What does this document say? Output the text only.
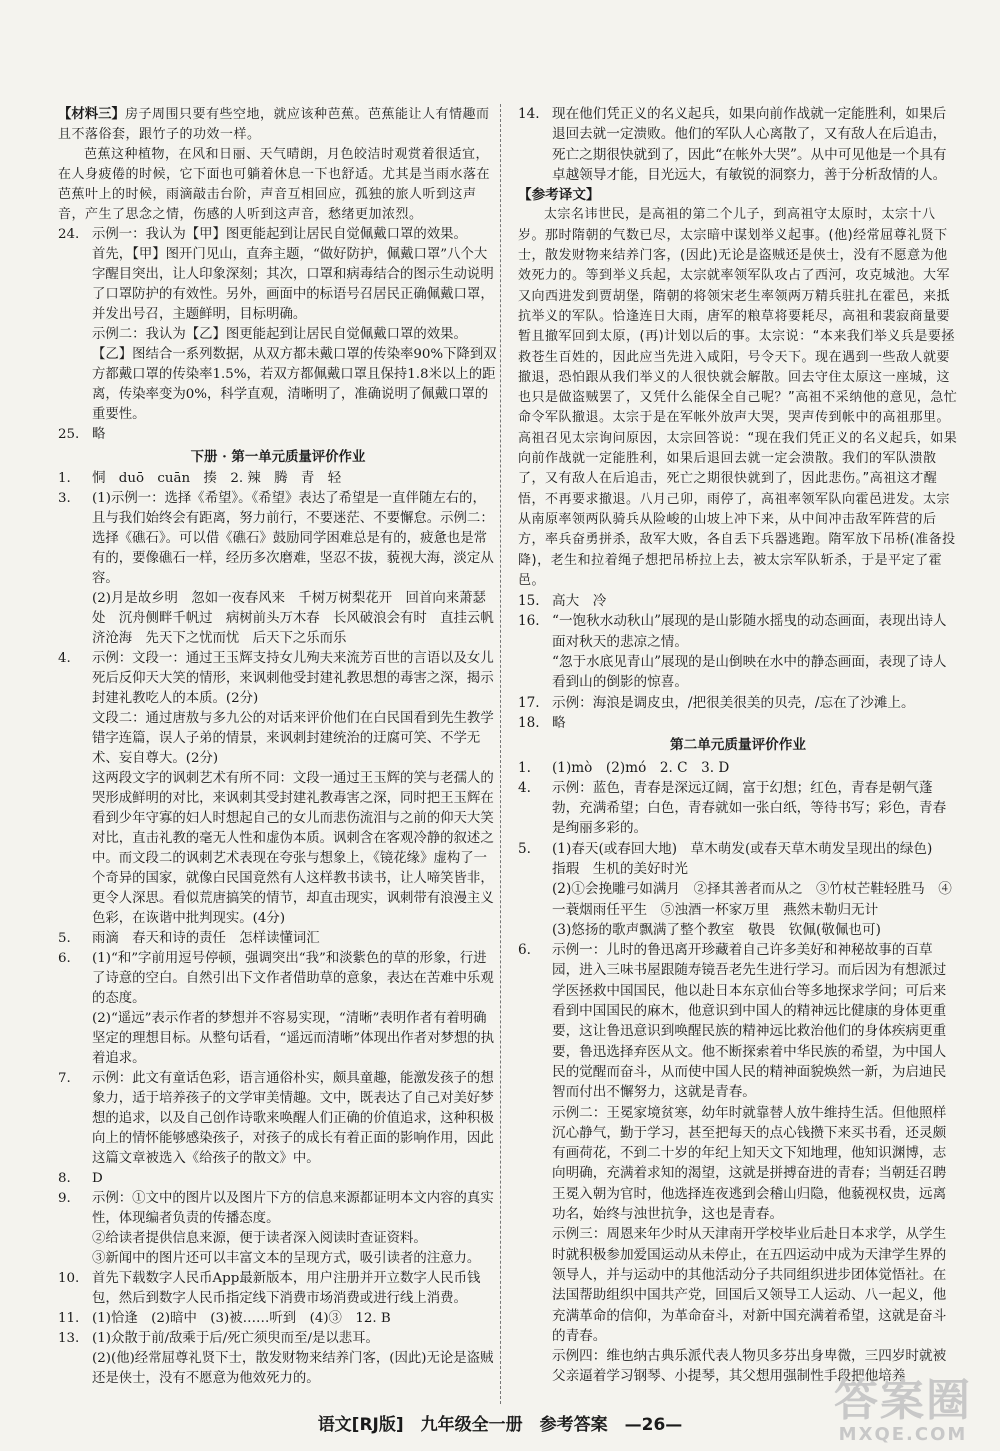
【材料三】房子周围只要有些空地，就应该种芭蕉。芭蕉能让人有情趣而且不落俗套，跟竹子的功效一样。

芭蕉这种植物，在风和日丽、天气晴朗，月色皎洁时观赏着很适宜，在人身疲倦的时候，它下面也可躺着休息一下也舒适。尤其是当雨水落在芭蕉叶上的时候，雨滴敲击台阶，声音互相回应，孤独的旅人听到这声音，产生了思念之情，伤感的人听到这声音，愁绪更加浓烈。

24. 示例一：我认为【甲】图更能起到让居民自觉佩戴口罩的效果。

首先，【甲】图开门见山，直奔主题，“做好防护，佩戴口罩”八个大字醒目突出，让人印象深刻；其次，口罩和病毒结合的图示生动说明了口罩防护的有效性。另外，画面中的标语号召居民正确佩戴口罩，并发出号召，主题鲜明，目标明确。

示例二：我认为【乙】图更能起到让居民自觉佩戴口罩的效果。

【乙】图结合一系列数据，从双方都未戴口罩的传染率90%下降到双方都戴口罩的传染率1.5%，若双方都佩戴口罩且保持1.8米以上的距离，传染率变为0%，科学直观，清晰明了，准确说明了佩戴口罩的重要性。

25. 略

下册 · 第一单元质量评价作业
1.	恫　duō　cuān　揍　2. 辣　腾　青　轻

3.	(1)示例一：选择《希望》。《希望》表达了希望是一直伴随左右的，且与我们始终会有距离，努力前行，不要迷茫、不要懈怠。示例二：选择《礁石》。可以借《礁石》鼓励同学困难总是有的，疲惫也是常有的，要像礁石一样，经历多次磨难，坚忍不拔，藐视大海，淡定从容。

(2)月是故乡明　忽如一夜春风来　千树万树梨花开　回首向来萧瑟处　沉舟侧畔千帆过　病树前头万木春　长风破浪会有时　直挂云帆济沧海　先天下之忧而忧　后天下之乐而乐

4.	示例：文段一：通过王玉辉支持女儿殉夫来流芳百世的言语以及女儿死后反仰天大笑的情形，来讽刺他受封建礼教思想的毒害之深，揭示封建礼教吃人的本质。(2分)

文段二：通过唐敖与多九公的对话来评价他们在白民国看到先生教学错字连篇，误人子弟的情景，来讽刺封建统治的迂腐可笑、不学无术、妄自尊大。(2分)

这两段文字的讽刺艺术有所不同：文段一通过王玉辉的笑与老孺人的哭形成鲜明的对比，来讽刺其受封建礼教毒害之深，同时把王玉辉在看到少年守寡的妇人时想起自己的女儿而悲伤流泪与之前的仰天大笑对比，直击礼教的毫无人性和虚伪本质。讽刺含在客观冷静的叙述之中。而文段二的讽刺艺术表现在夸张与想象上，《镜花缘》虚构了一个奇异的国家，就像白民国竟然有人这样教书读书，让人啼笑皆非，更令人深思。看似荒唐搞笑的情节，却直击现实，讽刺带有浪漫主义色彩，在诙谐中批判现实。(4分)

5.	雨滴　春天和诗的责任　怎样读懂词汇

6.	(1)“和”字前用逗号停顿，强调突出“我”和淡紫色的草的形象，行进了诗意的空白。自然引出下文作者借助草的意象，表达在苦难中乐观的态度。

(2)“遥远”表示作者的梦想并不容易实现，“清晰”表明作者有着明确坚定的理想目标。从整句话看，“遥远而清晰”体现出作者对梦想的执着追求。

7.	示例：此文有童话色彩，语言通俗朴实，颇具童趣，能激发孩子的想象力，适于培养孩子的文学审美情趣。文中，既表达了自己对美好梦想的追求，以及自己创作诗歌来唤醒人们正确的价值追求，这种积极向上的情怀能够感染孩子，对孩子的成长有着正面的影响作用，因此这篇文章被选入《给孩子的散文》中。

8.	D

9.	示例：①文中的图片以及图片下方的信息来源都证明本文内容的真实性，体现编者负责的传播态度。

②给读者提供信息来源，便于读者深入阅读时查证资料。

③新闻中的图片还可以丰富文本的呈现方式，吸引读者的注意力。

10. 首先下载数字人民币App最新版本，用户注册并开立数字人民币钱包，然后到数字人民币指定线下消费市场消费或进行线上消费。

11. (1)恰逢　(2)暗中　(3)被……听到　(4)③　12. B

13. (1)众散于前/敌乘于后/死亡须臾而至/是以悲耳。

(2)(他)经常屈尊礼贤下士，散发财物来结养门客，(因此)无论是盗贼还是侠士，没有不愿意为他效死力的。

14. 现在他们凭正义的名义起兵，如果向前作战就一定能胜利，如果后退回去就一定溃败。他们的军队人心离散了，又有敌人在后追击，死亡之期很快就到了，因此“在帐外大哭”。从中可见他是一个具有卓越领导才能，目光远大，有敏锐的洞察力，善于分析敌情的人。

【参考译文】

太宗名讳世民，是高祖的第二个儿子，到高祖守太原时，太宗十八岁。那时隋朝的气数已尽，太宗暗中谋划举义起事。(他)经常屈尊礼贤下士，散发财物来结养门客，(因此)无论是盗贼还是侠士，没有不愿意为他效死力的。等到举义兵起，太宗就率领军队攻占了西河，攻克城池。大军又向西进发到贾胡堡，隋朝的将领宋老生率领两万精兵驻扎在霍邑，来抵抗举义的军队。恰逢连日大雨，唐军的粮草将要耗尽，高祖和裴寂商量要暂且撤军回到太原，(再)计划以后的事。太宗说：“本来我们举义兵是要拯救苍生百姓的，因此应当先进入咸阳，号令天下。现在遇到一些敌人就要撤退，恐怕跟从我们举义的人很快就会解散。回去守住太原这一座城，这也只是做盗贼罢了，又凭什么能保全自己呢？”高祖不采纳他的意见，急忙命令军队撤退。太宗于是在军帐外放声大哭，哭声传到帐中的高祖那里。高祖召见太宗询问原因，太宗回答说：“现在我们凭正义的名义起兵，如果向前作战就一定能胜利，如果后退回去就一定会溃散。我们的军队溃散了，又有敌人在后追击，死亡之期很快就到了，因此悲伤。”高祖这才醒悟，不再要求撤退。八月己卯，雨停了，高祖率领军队向霍邑进发。太宗从南原率领两队骑兵从险峻的山坡上冲下来，从中间冲击敌军阵营的后方，率兵奋勇拼杀，敌军大败，各自丢下兵器逃跑。隋军放下吊桥(准备投降)，老生和拉着绳子想把吊桥拉上去，被太宗军队斩杀，于是平定了霍邑。

15. 高大　冷

16. “一饱秋水动秋山”展现的是山影随水摇曳的动态画面，表现出诗人面对秋天的悲凉之情。

“忽于水底见青山”展现的是山倒映在水中的静态画面，表现了诗人看到山的倒影的惊喜。

17. 示例：海浪是调皮虫，/把很美很美的贝壳，/忘在了沙滩上。

18. 略

第二单元质量评价作业
1.	(1)mò　(2)mó　2. C　3. D

4.	示例：蓝色，青春是深远辽阔，富于幻想；红色，青春是朝气蓬勃，充满希望；白色，青春就如一张白纸，等待书写；彩色，青春是绚丽多彩的。

5.	(1)春天(或春回大地)　草木萌发(或春天草木萌发呈现出的绿色)　指瑕　生机的美好时光

(2)①会挽雕弓如满月　②择其善者而从之　③竹杖芒鞋轻胜马　④一蓑烟雨任平生　⑤浊酒一杯家万里　燕然未勒归无计

(3)悠扬的歌声飘满了整个教室　敬畏　钦佩(敬佩也可)

6.	示例一：儿时的鲁迅离开珍藏着自己许多美好和神秘故事的百草园，进入三味书屋跟随寿镜吾老先生进行学习。而后因为有想派过学医拯救中国国民，他以赴日本东京仙台等多地探求学问；可后来看到中国国民的麻木，他意识到中国人的精神远比健康的身体更重要，这让鲁迅意识到唤醒民族的精神远比救治他们的身体疾病更重要，鲁迅选择弃医从文。他不断探索着中华民族的希望，为中国人民的觉醒而奋斗，从而使中国人民的精神面貌焕然一新，为启迪民智而付出不懈努力，这就是青春。

示例二：王冕家境贫寒，幼年时就靠替人放牛维持生活。但他照样沉心静气，勤于学习，甚至把每天的点心钱攒下来买书看，还灵颇有画荷花，不到二十岁的年纪上知天文下知地理，他知识渊博，志向明确，充满着求知的渴望，这就是拼搏奋进的青春；当朝廷召聘王冕入朝为官时，他选择连夜逃到会稽山归隐，他藐视权贵，远离功名，始终与浊世抗争，这也是青春。

示例三：周恩来年少时从天津南开学校毕业后赴日本求学，从学生时就积极参加爱国运动从未停止，在五四运动中成为天津学生界的领导人，并与运动中的其他活动分子共同组织进步团体觉悟社。在法国帮助组织中国共产党，回国后又领导工人运动、八一起义，他充满革命的信仰，为革命奋斗，对新中国充满着希望，这就是奋斗的青春。

示例四：维也纳古典乐派代表人物贝多芬出身卑微，三四岁时就被父亲逼着学习钢琴、小提琴，其父想用强制性手段把他培养

语文[RJ版]　九年级全一册　参考答案　—26—	答案圈
MXQE.COM
